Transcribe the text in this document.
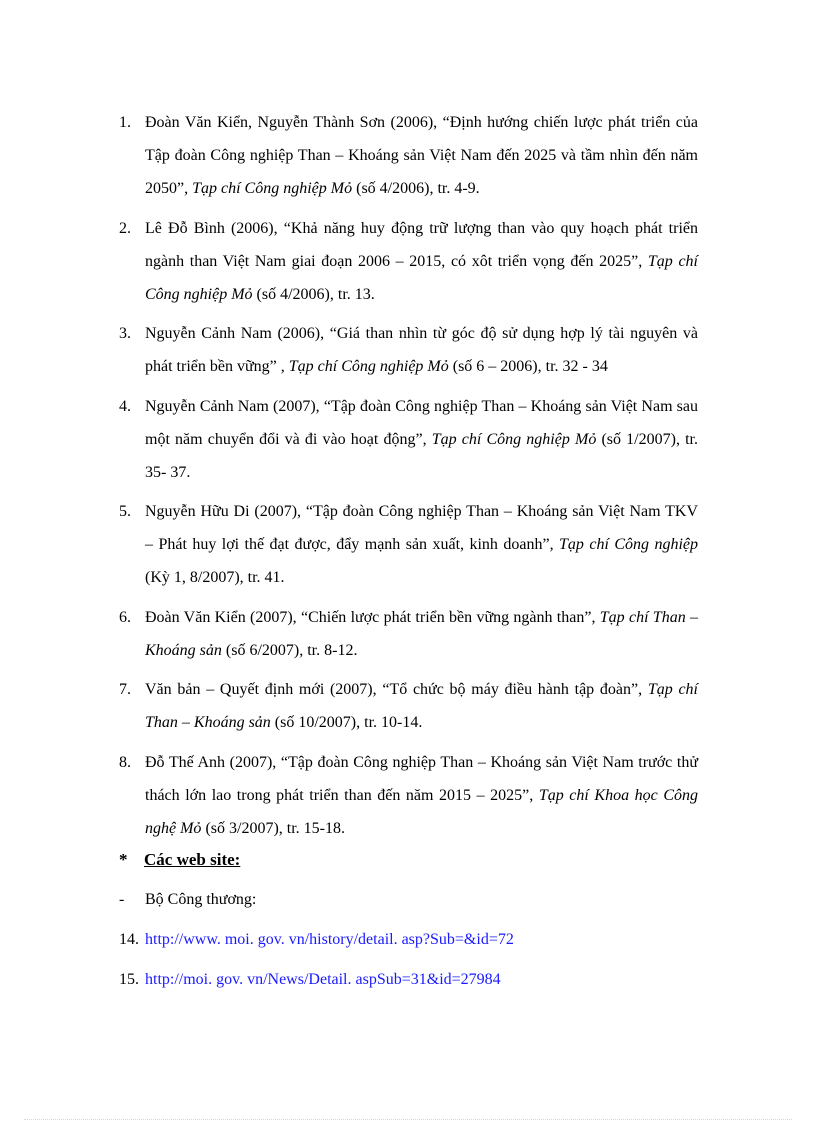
1. Đoàn Văn Kiển, Nguyễn Thành Sơn (2006), “Định hướng chiến lược phát triển của Tập đoàn Công nghiệp Than – Khoáng sản Việt Nam đến 2025 và tầm nhìn đến năm 2050”, Tạp chí Công nghiệp Mỏ (số 4/2006), tr. 4-9.
2. Lê Đỗ Bình (2006), “Khả năng huy động trữ lượng than vào quy hoạch phát triển ngành than Việt Nam giai đoạn 2006 – 2015, có xôt triển vọng đến 2025”, Tạp chí Công nghiệp Mỏ (số 4/2006), tr. 13.
3. Nguyễn Cảnh Nam (2006), “Giá than nhìn từ góc độ sử dụng hợp lý tài nguyên và phát triển bền vững” , Tạp chí Công nghiệp Mỏ (số 6 – 2006), tr. 32 - 34
4. Nguyễn Cảnh Nam (2007), “Tập đoàn Công nghiệp Than – Khoáng sản Việt Nam sau một năm chuyển đổi và đi vào hoạt động”, Tạp chí Công nghiệp Mỏ (số 1/2007), tr. 35- 37.
5. Nguyễn Hữu Di (2007), “Tập đoàn Công nghiệp Than – Khoáng sản Việt Nam TKV – Phát huy lợi thế đạt được, đẩy mạnh sản xuất, kinh doanh”, Tạp chí Công nghiệp (Kỳ 1, 8/2007), tr. 41.
6. Đoàn Văn Kiển (2007), “Chiến lược phát triển bền vững ngành than”, Tạp chí Than – Khoáng sản (số 6/2007), tr. 8-12.
7. Văn bản – Quyết định mới (2007), “Tổ chức bộ máy điều hành tập đoàn”, Tạp chí Than – Khoáng sản (số 10/2007), tr. 10-14.
8. Đỗ Thế Anh (2007), “Tập đoàn Công nghiệp Than – Khoáng sản Việt Nam trước thử thách lớn lao trong phát triển than đến năm 2015 – 2025”, Tạp chí Khoa học Công nghệ Mỏ (số 3/2007), tr. 15-18.
* Các web site:
- Bộ Công thương:
14. http://www. moi. gov. vn/history/detail. asp?Sub=&id=72
15. http://moi. gov. vn/News/Detail. aspSub=31&id=27984
